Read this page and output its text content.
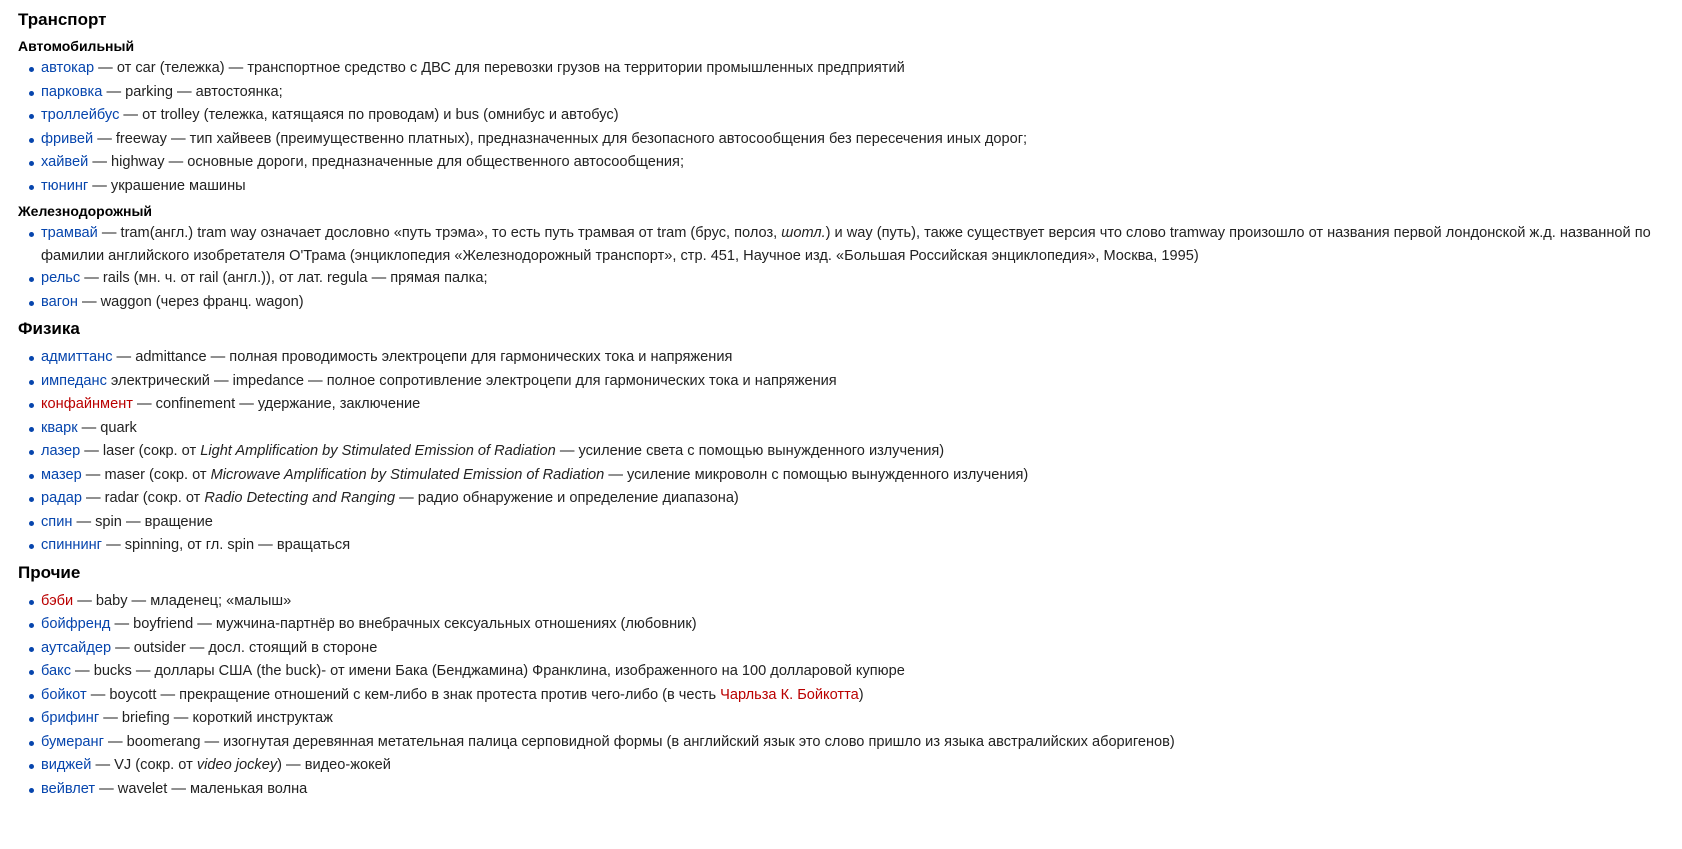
Транспорт
Автомобильный
автокар — от car (тележка) — транспортное средство с ДВС для перевозки грузов на территории промышленных предприятий
парковка — parking — автостоянка;
троллейбус — от trolley (тележка, катящаяся по проводам) и bus (омнибус и автобус)
фривей — freeway — тип хайвеев (преимущественно платных), предназначенных для безопасного автосообщения без пересечения иных дорог;
хайвей — highway — основные дороги, предназначенные для общественного автосообщения;
тюнинг — украшение машины
Железнодорожный
трамвай — tram(англ.) tram way означает дословно «путь трэма», то есть путь трамвая от tram (брус, полоз, шотл.) и way (путь), также существует версия что слово tramway произошло от названия первой лондонской ж.д. названной по фамилии английского изобретателя О'Трама (энциклопедия «Железнодорожный транспорт», стр. 451, Научное изд. «Большая Российская энциклопедия», Москва, 1995)
рельс — rails (мн. ч. от rail (англ.)), от лат. regula — прямая палка;
вагон — waggon (через франц. wagon)
Физика
адмиттанс — admittance — полная проводимость электроцепи для гармонических тока и напряжения
импеданс электрический — impedance — полное сопротивление электроцепи для гармонических тока и напряжения
конфайнмент — confinement — удержание, заключение
кварк — quark
лазер — laser (сокр. от Light Amplification by Stimulated Emission of Radiation — усиление света с помощью вынужденного излучения)
мазер — maser (сокр. от Microwave Amplification by Stimulated Emission of Radiation — усиление микроволн с помощью вынужденного излучения)
радар — radar (сокр. от Radio Detecting and Ranging — радио обнаружение и определение диапазона)
спин — spin — вращение
спиннинг — spinning, от гл. spin — вращаться
Прочие
бэби — baby — младенец; «малыш»
бойфренд — boyfriend — мужчина-партнёр во внебрачных сексуальных отношениях (любовник)
аутсайдер — outsider — досл. стоящий в стороне
бакс — bucks — доллары США (the buck)- от имени Бака (Бенджамина) Франклина, изображенного на 100 долларовой купюре
бойкот — boycott — прекращение отношений с кем-либо в знак протеста против чего-либо (в честь Чарльза К. Бойкотта)
брифинг — briefing — короткий инструктаж
бумеранг — boomerang — изогнутая деревянная метательная палица серповидной формы (в английский язык это слово пришло из языка австралийских аборигенов)
виджей — VJ (сокр. от video jockey) — видео-жокей
вейвлет — wavelet — маленькая волна
